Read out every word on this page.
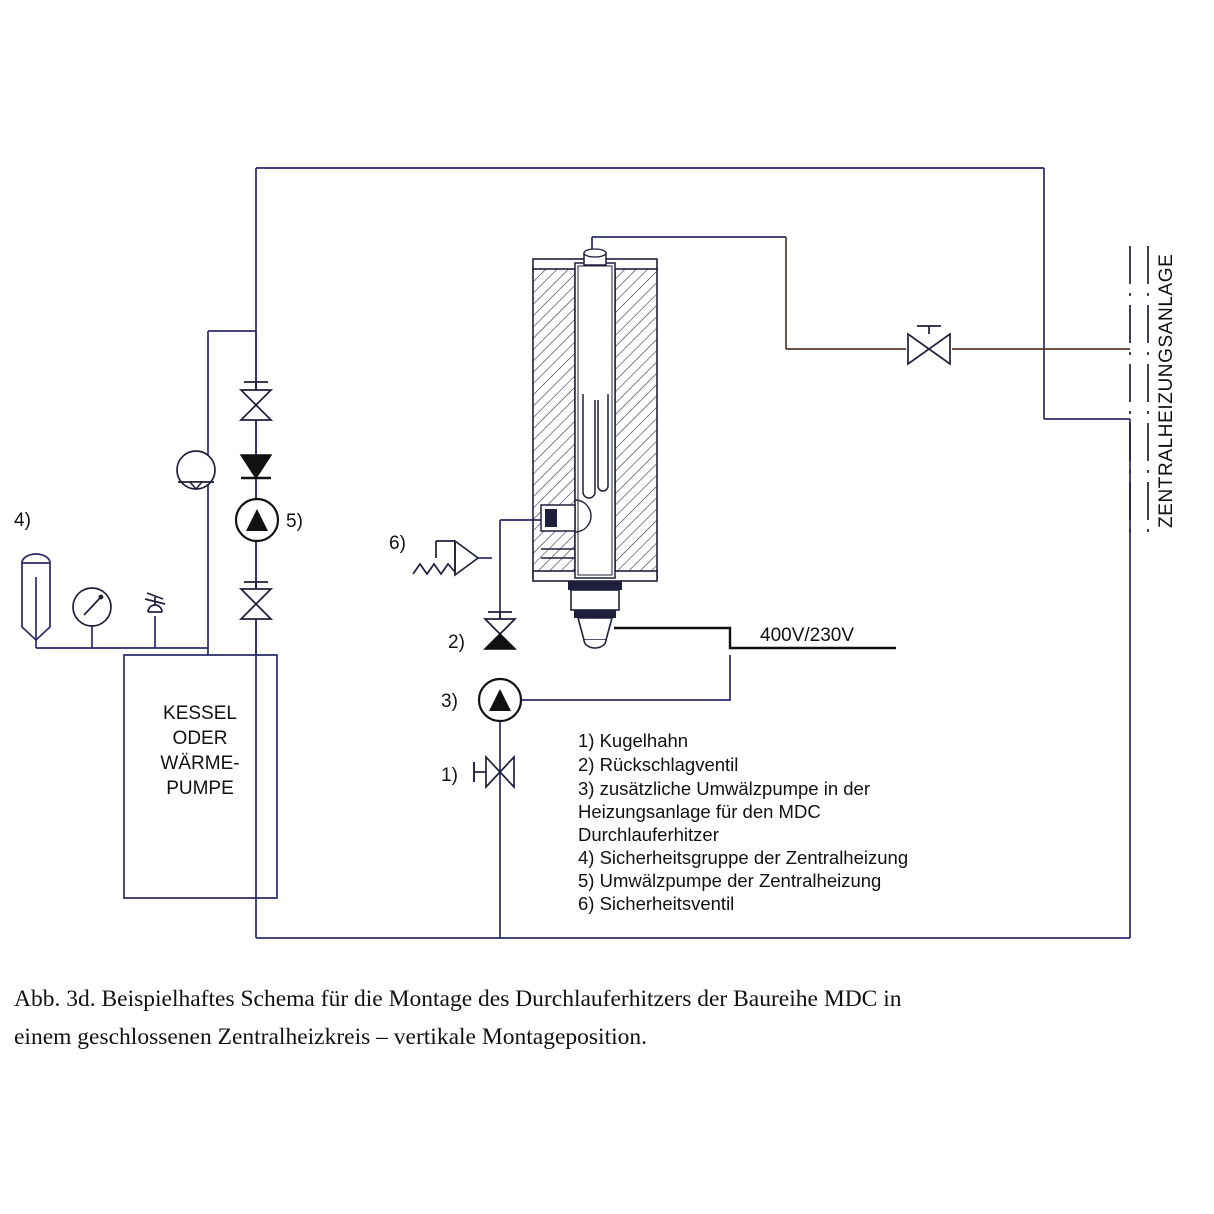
ZENTRALHEIZUNGSANLAGE
400V/230V
KESSEL
ODER
WÄRME-
PUMPE
4)	5)
6)
2)
3)
1)
1) Kugelhahn
2) Rückschlagventil
3) zusätzliche Umwälzpumpe in der
Heizungsanlage für den MDC
Durchlauferhitzer
4) Sicherheitsgruppe der Zentralheizung
5) Umwälzpumpe der Zentralheizung
6) Sicherheitsventil
Abb. 3d. Beispielhaftes Schema für die Montage des Durchlauferhitzers der Baureihe MDC in
einem geschlossenen Zentralheizkreis – vertikale Montageposition.
